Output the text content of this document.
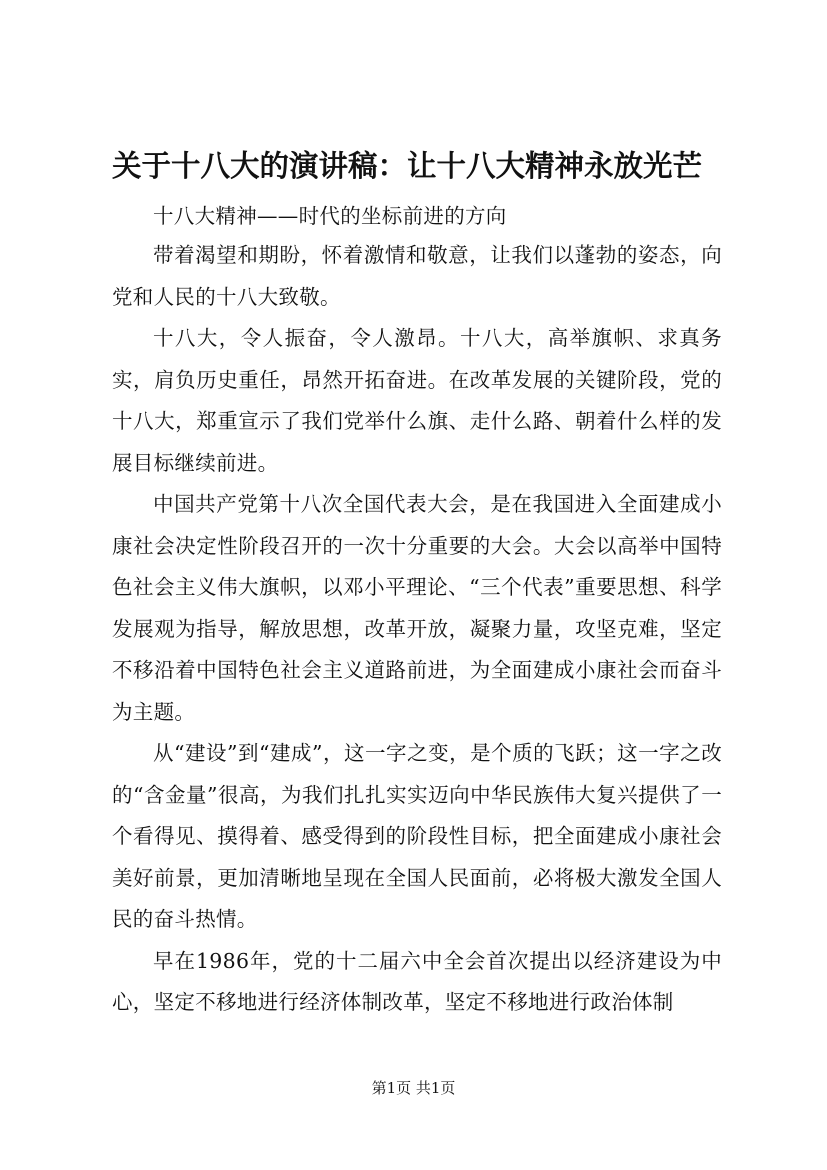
关于十八大的演讲稿：让十八大精神永放光芒

十八大精神——时代的坐标前进的方向

带着渴望和期盼，怀着激情和敬意，让我们以蓬勃的姿态，向党和人民的十八大致敬。

十八大，令人振奋，令人激昂。十八大，高举旗帜、求真务实，肩负历史重任，昂然开拓奋进。在改革发展的关键阶段，党的十八大，郑重宣示了我们党举什么旗、走什么路、朝着什么样的发展目标继续前进。

中国共产党第十八次全国代表大会，是在我国进入全面建成小康社会决定性阶段召开的一次十分重要的大会。大会以高举中国特色社会主义伟大旗帜，以邓小平理论、“三个代表”重要思想、科学发展观为指导，解放思想，改革开放，凝聚力量，攻坚克难，坚定不移沿着中国特色社会主义道路前进，为全面建成小康社会而奋斗为主题。

从“建设”到“建成”，这一字之变，是个质的飞跃；这一字之改的“含金量”很高，为我们扎扎实实迈向中华民族伟大复兴提供了一个看得见、摸得着、感受得到的阶段性目标，把全面建成小康社会美好前景，更加清晰地呈现在全国人民面前，必将极大激发全国人民的奋斗热情。

早在1986年，党的十二届六中全会首次提出以经济建设为中心，坚定不移地进行经济体制改革，坚定不移地进行政治体制

第1页 共1页
